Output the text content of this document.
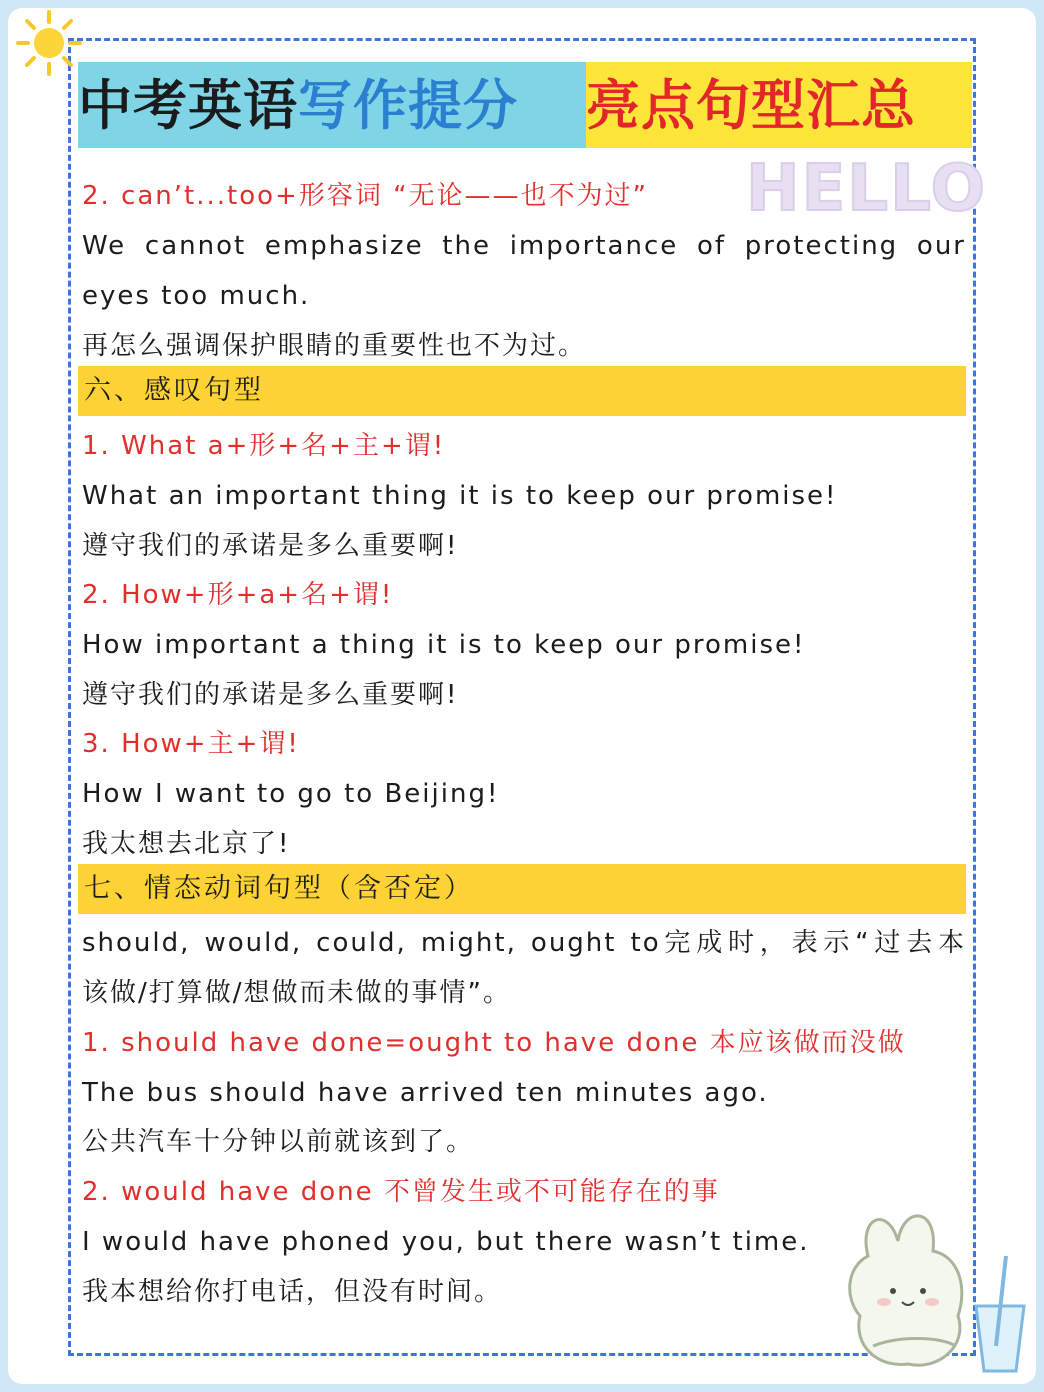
中考英语写作提分	亮点句型汇总
HELLO
2. can’t...too+形容词 “无论——也不为过”
We cannot emphasize the importance of protecting our
eyes too much.
再怎么强调保护眼睛的重要性也不为过。
六、感叹句型
1. What a+形+名+主+谓!
What an important thing it is to keep our promise!
遵守我们的承诺是多么重要啊!
2. How+形+a+名+谓!
How important a thing it is to keep our promise!
遵守我们的承诺是多么重要啊!
3. How+主+谓!
How I want to go to Beijing!
我太想去北京了!
七、情态动词句型（含否定）
should, would, could, might, ought to完成时，表示“过去本
该做/打算做/想做而未做的事情”。
1. should have done=ought to have done 本应该做而没做
The bus should have arrived ten minutes ago.
公共汽车十分钟以前就该到了。
2. would have done 不曾发生或不可能存在的事
I would have phoned you, but there wasn’t time.
我本想给你打电话，但没有时间。
